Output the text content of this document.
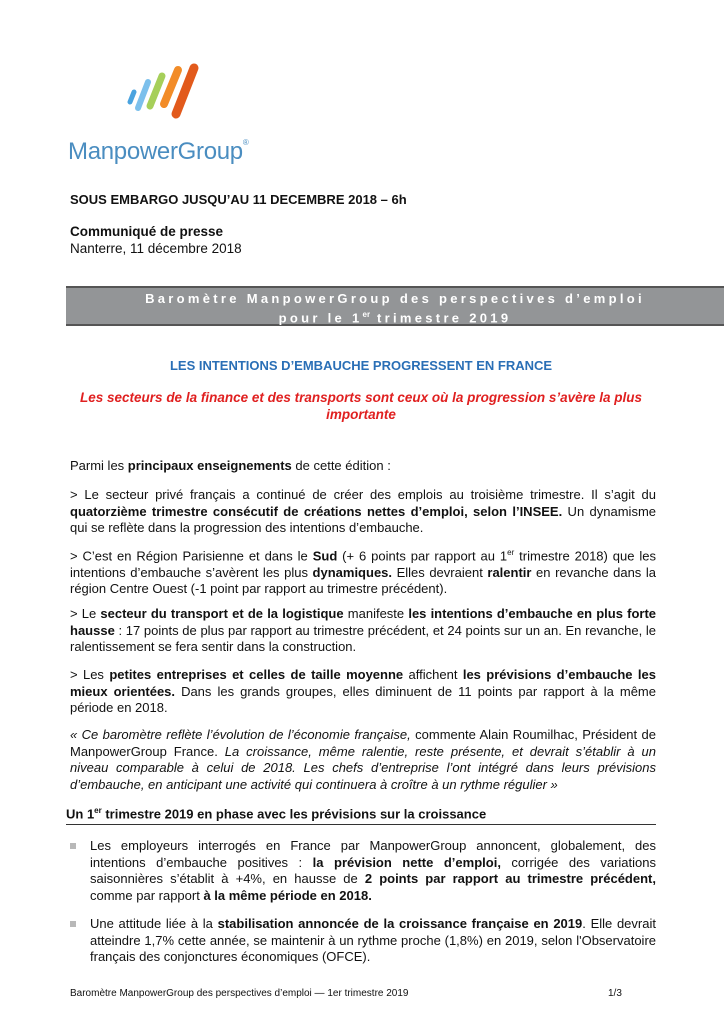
ManpowerGroup®
SOUS EMBARGO JUSQU’AU 11 DECEMBRE 2018 – 6h
Communiqué de presse
Nanterre, 11 décembre 2018
Baromètre ManpowerGroup des perspectives d’emploi
pour le 1er trimestre 2019
LES INTENTIONS D’EMBAUCHE PROGRESSENT EN FRANCE
Les secteurs de la finance et des transports sont ceux où la progression s’avère la plus importante
Parmi les principaux enseignements de cette édition :
> Le secteur privé français a continué de créer des emplois au troisième trimestre. Il s’agit du quatorzième trimestre consécutif de créations nettes d’emploi, selon l’INSEE. Un dynamisme qui se reflète dans la progression des intentions d’embauche.
> C’est en Région Parisienne et dans le Sud (+ 6 points par rapport au 1er trimestre 2018) que les intentions d’embauche s’avèrent les plus dynamiques. Elles devraient ralentir en revanche dans la région Centre Ouest (-1 point par rapport au trimestre précédent).
> Le secteur du transport et de la logistique manifeste les intentions d’embauche en plus forte hausse : 17 points de plus par rapport au trimestre précédent, et 24 points sur un an. En revanche, le ralentissement se fera sentir dans la construction.
> Les petites entreprises et celles de taille moyenne affichent les prévisions d’embauche les mieux orientées. Dans les grands groupes, elles diminuent de 11 points par rapport à la même période en 2018.
« Ce baromètre reflète l’évolution de l’économie française, commente Alain Roumilhac, Président de ManpowerGroup France. La croissance, même ralentie, reste présente, et devrait s’établir à un niveau comparable à celui de 2018. Les chefs d’entreprise l’ont intégré dans leurs prévisions d’embauche, en anticipant une activité qui continuera à croître à un rythme régulier »
Un 1er trimestre 2019 en phase avec les prévisions sur la croissance
Les employeurs interrogés en France par ManpowerGroup annoncent, globalement, des intentions d’embauche positives : la prévision nette d’emploi, corrigée des variations saisonnières s’établit à +4%, en hausse de 2 points par rapport au trimestre précédent, comme par rapport à la même période en 2018.
Une attitude liée à la stabilisation annoncée de la croissance française en 2019. Elle devrait atteindre 1,7% cette année, se maintenir à un rythme proche (1,8%) en 2019, selon l'Observatoire français des conjonctures économiques (OFCE).
Baromètre ManpowerGroup des perspectives d’emploi — 1er trimestre 2019	1/3
